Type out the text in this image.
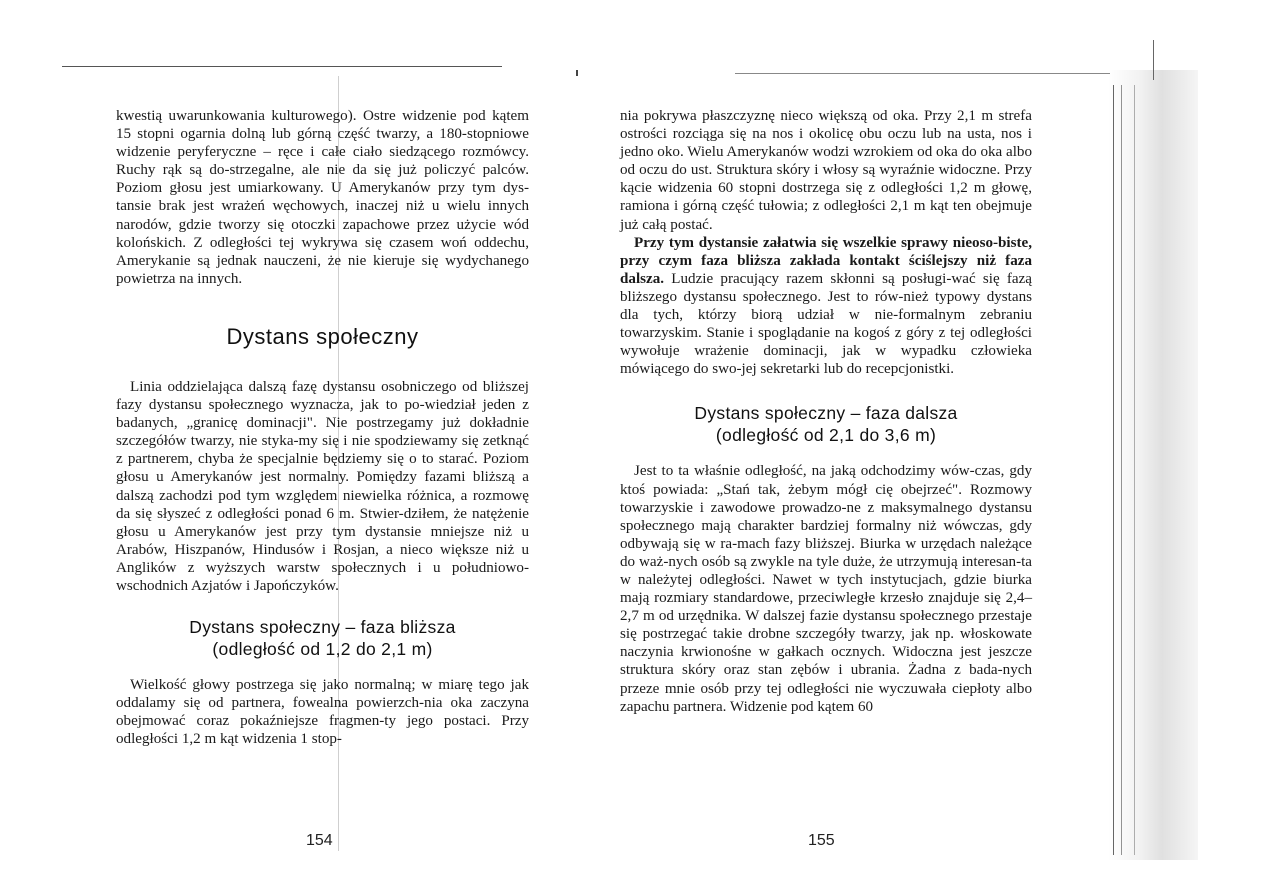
kwestią uwarunkowania kulturowego). Ostre widzenie pod kątem 15 stopni ogarnia dolną lub górną część twarzy, a 180-stopniowe widzenie peryferyczne – ręce i całe ciało siedzącego rozmówcy. Ruchy rąk są do-strzegalne, ale nie da się już policzyć palców. Poziom głosu jest umiarkowany. U Amerykanów przy tym dys-tansie brak jest wrażeń węchowych, inaczej niż u wielu innych narodów, gdzie tworzy się otoczki zapachowe przez użycie wód kolońskich. Z odległości tej wykrywa się czasem woń oddechu, Amerykanie są jednak nauczeni, że nie kieruje się wydychanego powietrza na innych.

Dystans społeczny

Linia oddzielająca dalszą fazę dystansu osobniczego od bliższej fazy dystansu społecznego wyznacza, jak to po-wiedział jeden z badanych, „granicę dominacji". Nie postrzegamy już dokładnie szczegółów twarzy, nie styka-my się i nie spodziewamy się zetknąć z partnerem, chyba że specjalnie będziemy się o to starać. Poziom głosu u Amerykanów jest normalny. Pomiędzy fazami bliższą a dalszą zachodzi pod tym względem niewielka różnica, a rozmowę da się słyszeć z odległości ponad 6 m. Stwier-dziłem, że natężenie głosu u Amerykanów jest przy tym dystansie mniejsze niż u Arabów, Hiszpanów, Hindusów i Rosjan, a nieco większe niż u Anglików z wyższych warstw społecznych i u południowo-wschodnich Azjatów i Japończyków.

Dystans społeczny – faza bliższa
(odległość od 1,2 do 2,1 m)

Wielkość głowy postrzega się jako normalną; w miarę tego jak oddalamy się od partnera, fowealna powierzch-nia oka zaczyna obejmować coraz pokaźniejsze fragmen-ty jego postaci. Przy odległości 1,2 m kąt widzenia 1 stop-

154

nia pokrywa płaszczyznę nieco większą od oka. Przy 2,1 m strefa ostrości rozciąga się na nos i okolicę obu oczu lub na usta, nos i jedno oko. Wielu Amerykanów wodzi wzrokiem od oka do oka albo od oczu do ust. Struktura skóry i włosy są wyraźnie widoczne. Przy kącie widzenia 60 stopni dostrzega się z odległości 1,2 m głowę, ramiona i górną część tułowia; z odległości 2,1 m kąt ten obejmuje już całą postać.

Przy tym dystansie załatwia się wszelkie sprawy nieoso-biste, przy czym faza bliższa zakłada kontakt ściślejszy niż faza dalsza. Ludzie pracujący razem skłonni są posługi-wać się fazą bliższego dystansu społecznego. Jest to rów-nież typowy dystans dla tych, którzy biorą udział w nie-formalnym zebraniu towarzyskim. Stanie i spoglądanie na kogoś z góry z tej odległości wywołuje wrażenie dominacji, jak w wypadku człowieka mówiącego do swo-jej sekretarki lub do recepcjonistki.

Dystans społeczny – faza dalsza
(odległość od 2,1 do 3,6 m)

Jest to ta właśnie odległość, na jaką odchodzimy wów-czas, gdy ktoś powiada: „Stań tak, żebym mógł cię obejrzeć". Rozmowy towarzyskie i zawodowe prowadzo-ne z maksymalnego dystansu społecznego mają charakter bardziej formalny niż wówczas, gdy odbywają się w ra-mach fazy bliższej. Biurka w urzędach należące do waż-nych osób są zwykle na tyle duże, że utrzymują interesan-ta w należytej odległości. Nawet w tych instytucjach, gdzie biurka mają rozmiary standardowe, przeciwległe krzesło znajduje się 2,4–2,7 m od urzędnika. W dalszej fazie dystansu społecznego przestaje się postrzegać takie drobne szczegóły twarzy, jak np. włoskowate naczynia krwionośne w gałkach ocznych. Widoczna jest jeszcze struktura skóry oraz stan zębów i ubrania. Żadna z bada-nych przeze mnie osób przy tej odległości nie wyczuwała ciepłoty albo zapachu partnera. Widzenie pod kątem 60

155
